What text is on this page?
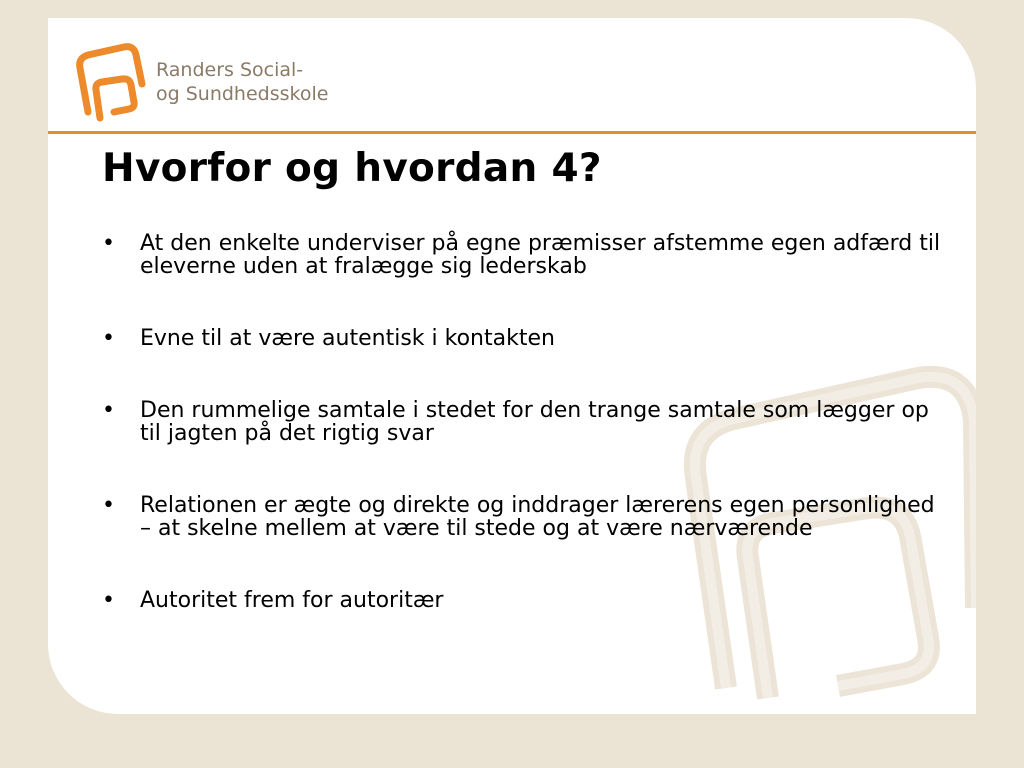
Randers Social-
og Sundhedsskole
Hvorfor og hvordan 4?
• At den enkelte underviser på egne præmisser afstemme egen adfærd til eleverne uden at fralægge sig lederskab
• Evne til at være autentisk i kontakten
• Den rummelige samtale i stedet for den trange samtale som lægger op til jagten på det rigtig svar
• Relationen er ægte og direkte og inddrager lærerens egen personlighed – at skelne mellem at være til stede og at være nærværende
• Autoritet frem for autoritær
